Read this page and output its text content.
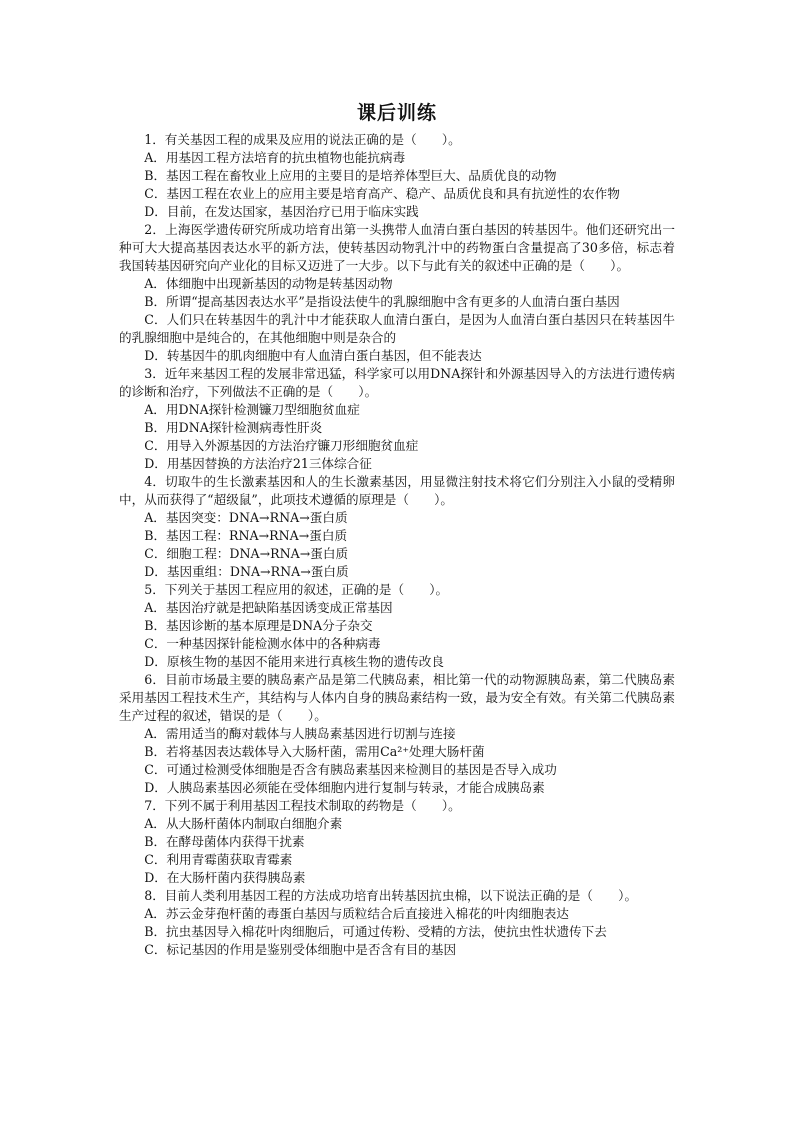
课后训练

1．有关基因工程的成果及应用的说法正确的是（　　）。

A．用基因工程方法培育的抗虫植物也能抗病毒

B．基因工程在畜牧业上应用的主要目的是培养体型巨大、品质优良的动物

C．基因工程在农业上的应用主要是培育高产、稳产、品质优良和具有抗逆性的农作物

D．目前，在发达国家，基因治疗已用于临床实践

2．上海医学遗传研究所成功培育出第一头携带人血清白蛋白基因的转基因牛。他们还研究出一种可大大提高基因表达水平的新方法，使转基因动物乳汁中的药物蛋白含量提高了30多倍，标志着我国转基因研究向产业化的目标又迈进了一大步。以下与此有关的叙述中正确的是（　　）。

A．体细胞中出现新基因的动物是转基因动物

B．所谓“提高基因表达水平”是指设法使牛的乳腺细胞中含有更多的人血清白蛋白基因

C．人们只在转基因牛的乳汁中才能获取人血清白蛋白，是因为人血清白蛋白基因只在转基因牛的乳腺细胞中是纯合的，在其他细胞中则是杂合的

D．转基因牛的肌肉细胞中有人血清白蛋白基因，但不能表达

3．近年来基因工程的发展非常迅猛，科学家可以用DNA探针和外源基因导入的方法进行遗传病的诊断和治疗，下列做法不正确的是（　　）。

A．用DNA探针检测镰刀型细胞贫血症

B．用DNA探针检测病毒性肝炎

C．用导入外源基因的方法治疗镰刀形细胞贫血症

D．用基因替换的方法治疗21三体综合征

4．切取牛的生长激素基因和人的生长激素基因，用显微注射技术将它们分别注入小鼠的受精卵中，从而获得了“超级鼠”，此项技术遵循的原理是（　　）。

A．基因突变：DNA→RNA→蛋白质

B．基因工程：RNA→RNA→蛋白质

C．细胞工程：DNA→RNA→蛋白质

D．基因重组：DNA→RNA→蛋白质

5．下列关于基因工程应用的叙述，正确的是（　　）。

A．基因治疗就是把缺陷基因诱变成正常基因

B．基因诊断的基本原理是DNA分子杂交

C．一种基因探针能检测水体中的各种病毒

D．原核生物的基因不能用来进行真核生物的遗传改良

6．目前市场最主要的胰岛素产品是第二代胰岛素，相比第一代的动物源胰岛素，第二代胰岛素采用基因工程技术生产，其结构与人体内自身的胰岛素结构一致，最为安全有效。有关第二代胰岛素生产过程的叙述，错误的是（　　）。

A．需用适当的酶对载体与人胰岛素基因进行切割与连接

B．若将基因表达载体导入大肠杆菌，需用Ca²⁺处理大肠杆菌

C．可通过检测受体细胞是否含有胰岛素基因来检测目的基因是否导入成功

D．人胰岛素基因必须能在受体细胞内进行复制与转录，才能合成胰岛素

7．下列不属于利用基因工程技术制取的药物是（　　）。

A．从大肠杆菌体内制取白细胞介素

B．在酵母菌体内获得干扰素

C．利用青霉菌获取青霉素

D．在大肠杆菌内获得胰岛素

8．目前人类利用基因工程的方法成功培育出转基因抗虫棉，以下说法正确的是（　　）。

A．苏云金芽孢杆菌的毒蛋白基因与质粒结合后直接进入棉花的叶肉细胞表达

B．抗虫基因导入棉花叶肉细胞后，可通过传粉、受精的方法，使抗虫性状遗传下去

C．标记基因的作用是鉴别受体细胞中是否含有目的基因
